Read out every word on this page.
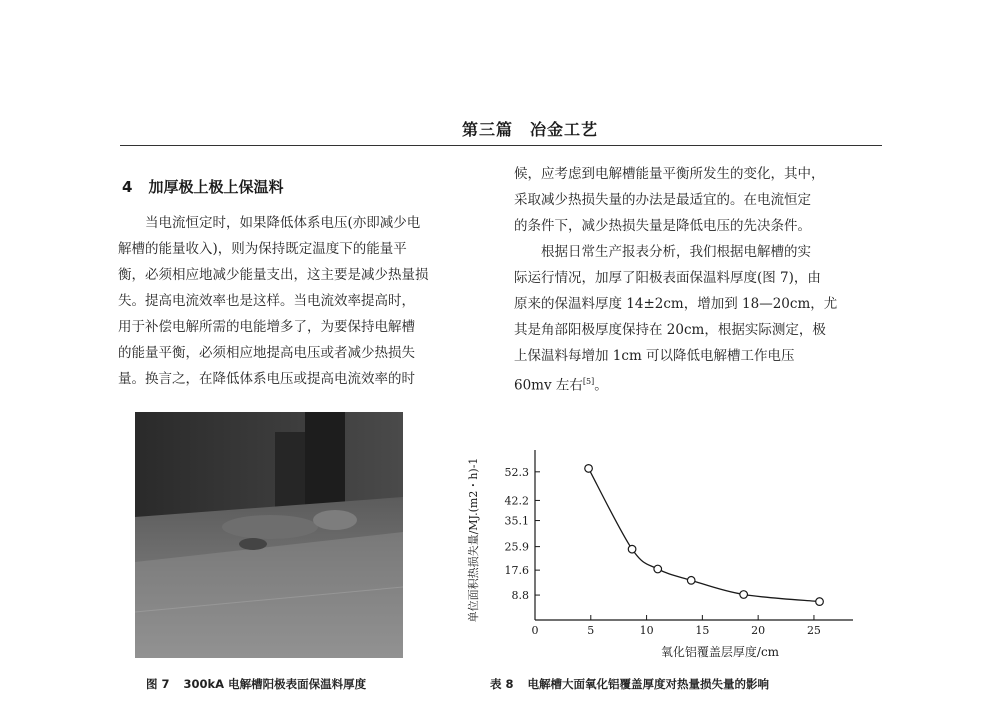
第三篇　冶金工艺
4 加厚极上极上保温料

当电流恒定时，如果降低体系电压(亦即减少电

解槽的能量收入)，则为保持既定温度下的能量平

衡，必须相应地减少能量支出，这主要是减少热量损

失。提高电流效率也是这样。当电流效率提高时，

用于补偿电解所需的电能增多了，为要保持电解槽

的能量平衡，必须相应地提高电压或者减少热损失

量。换言之，在降低体系电压或提高电流效率的时

候，应考虑到电解槽能量平衡所发生的变化，其中，

采取减少热损失量的办法是最适宜的。在电流恒定

的条件下，减少热损失量是降低电压的先决条件。

根据日常生产报表分析，我们根据电解槽的实

际运行情况，加厚了阳极表面保温料厚度(图 7)，由

原来的保温料厚度 14±2cm，增加到 18—20cm，尤

其是角部阳极厚度保持在 20cm，根据实际测定，极

上保温料每增加 1cm 可以降低电解槽工作电压

60mv 左右[5]。

8.8
17.6
25.9
35.1
42.2
52.3
0	5	10	15	20	25
氧化铝覆盖层厚度/cm
单位面积热损失量/MJ.(m2・h)-1
图 7 300kA 电解槽阳极表面保温料厚度	表 8 电解槽大面氧化铝覆盖厚度对热量损失量的影响
